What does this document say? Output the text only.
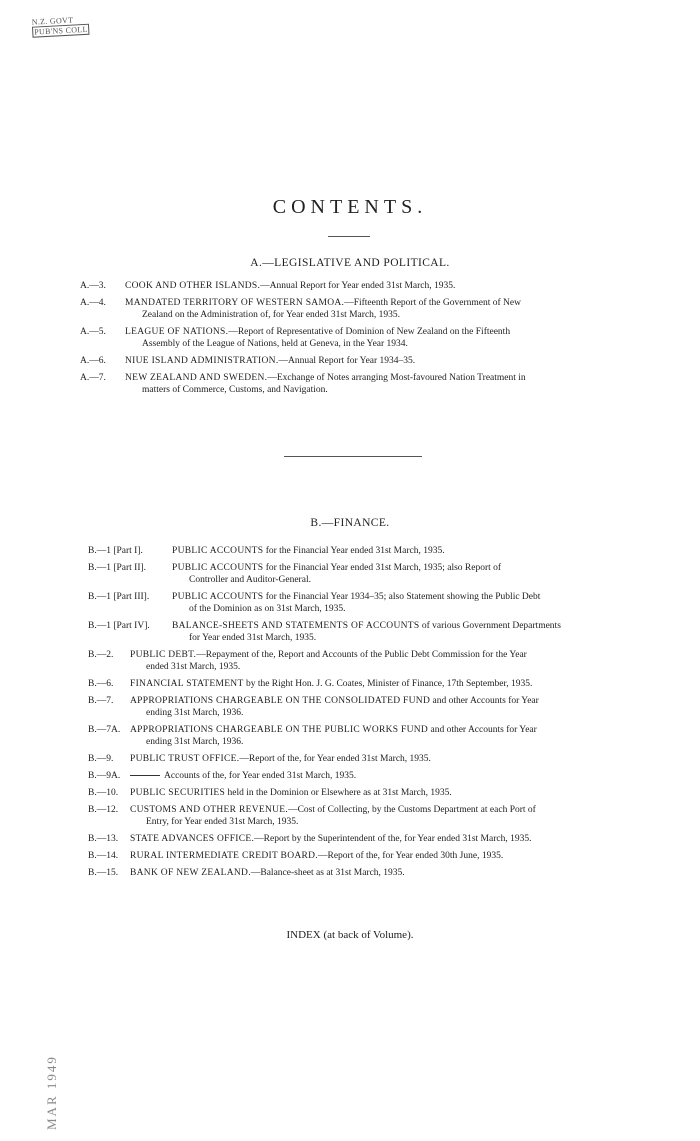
N.Z. GOVT
PUB'NS COLL
CONTENTS.
A.—LEGISLATIVE AND POLITICAL.
A.—3. COOK AND OTHER ISLANDS.—Annual Report for Year ended 31st March, 1935.
A.—4. MANDATED TERRITORY OF WESTERN SAMOA.—Fifteenth Report of the Government of New
Zealand on the Administration of, for Year ended 31st March, 1935.
A.—5. LEAGUE OF NATIONS.—Report of Representative of Dominion of New Zealand on the Fifteenth
Assembly of the League of Nations, held at Geneva, in the Year 1934.
A.—6. NIUE ISLAND ADMINISTRATION.—Annual Report for Year 1934–35.
A.—7. NEW ZEALAND AND SWEDEN.—Exchange of Notes arranging Most-favoured Nation Treatment in
matters of Commerce, Customs, and Navigation.
B.—FINANCE.
B.—1 [Part I].	PUBLIC ACCOUNTS for the Financial Year ended 31st March, 1935.
B.—1 [Part II].	PUBLIC ACCOUNTS for the Financial Year ended 31st March, 1935; also Report of
Controller and Auditor-General.
B.—1 [Part III]. PUBLIC ACCOUNTS for the Financial Year 1934–35; also Statement showing the Public Debt
of the Dominion as on 31st March, 1935.
B.—1 [Part IV]. BALANCE-SHEETS AND STATEMENTS OF ACCOUNTS of various Government Departments
for Year ended 31st March, 1935.
B.—2. PUBLIC DEBT.—Repayment of the, Report and Accounts of the Public Debt Commission for the Year
ended 31st March, 1935.
B.—6. FINANCIAL STATEMENT by the Right Hon. J. G. Coates, Minister of Finance, 17th September, 1935.
B.—7. APPROPRIATIONS CHARGEABLE ON THE CONSOLIDATED FUND and other Accounts for Year
ending 31st March, 1936.
B.—7A. APPROPRIATIONS CHARGEABLE ON THE PUBLIC WORKS FUND and other Accounts for Year
ending 31st March, 1936.
B.—9. PUBLIC TRUST OFFICE.—Report of the, for Year ended 31st March, 1935.
B.—9A.	Accounts of the, for Year ended 31st March, 1935.
B.—10. PUBLIC SECURITIES held in the Dominion or Elsewhere as at 31st March, 1935.
B.—12. CUSTOMS AND OTHER REVENUE.—Cost of Collecting, by the Customs Department at each Port of
Entry, for Year ended 31st March, 1935.
B.—13. STATE ADVANCES OFFICE.—Report by the Superintendent of the, for Year ended 31st March, 1935.
B.—14. RURAL INTERMEDIATE CREDIT BOARD.—Report of the, for Year ended 30th June, 1935.
B.—15. BANK OF NEW ZEALAND.—Balance-sheet as at 31st March, 1935.
INDEX (at back of Volume).
MAR 1949
